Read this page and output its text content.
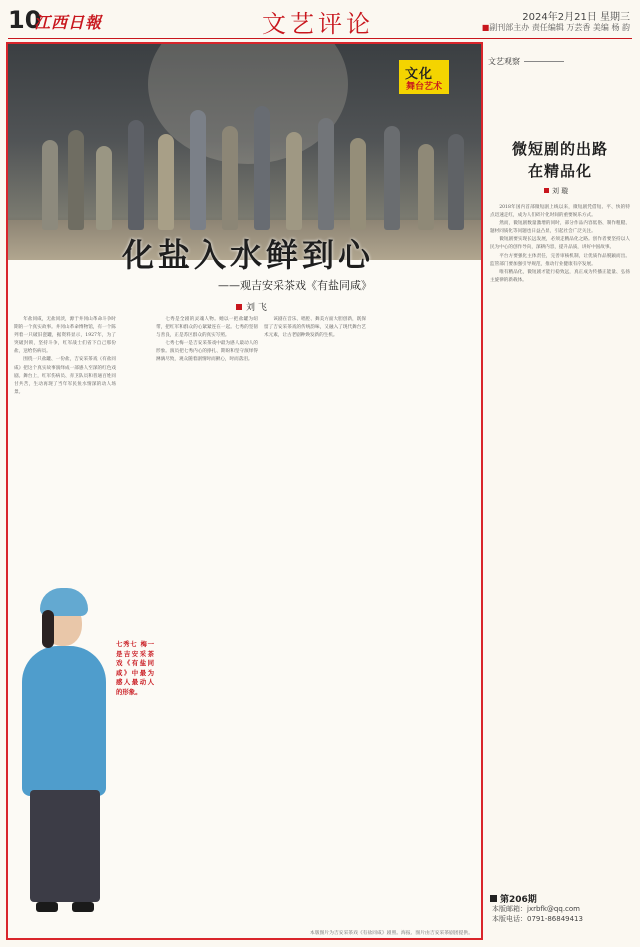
10
江西日報	文艺评论	2024年2月21日 星期三
■副刊部主办 责任编辑 万芸香 美编 杨 韵
文化
舞台艺术
化盐入水鲜到心
——观吉安采茶戏《有盐同咸》
刘 飞

年盐同咸，无盐同淡，源于井冈山革命斗争时期的一个真实故事。井冈山革命博物馆，有一个陈列着一只破旧瓷罐，据资料显示，1927年，为了突破封锁，坚持斗争，红军战士们省下自己那份盐，送给伤病员。

围绕一只盐罐、一份盐，吉安采茶戏《有盐同咸》把这个真实故事演绎成一部感人至深的红色戏剧。舞台上，红军伤病员、赤卫队员和普通百姓同甘共苦，生动再现了当年军民鱼水情深的动人场景。

七秀是全剧的灵魂人物。她以一把盐罐为纽带，把红军和群众的心紧紧连在一起。七秀的坚韧与善良，正是苏区群众的真实写照。

七秀七梅一是吉安采茶戏中最为感人最动人的形象。演员把七秀内心的挣扎、期盼和坚守演绎得淋漓尽致，观众随着剧情时而揪心，时而落泪。

该剧在音乐、唱腔、舞美方面大胆创新，既保留了吉安采茶戏的传统韵味，又融入了现代舞台艺术元素，让古老剧种焕发新的生机。

七秀七 梅一是吉安采茶戏《有盐同咸》中最为感人最动人的形象。
本版图片为吉安采茶戏《有盐同咸》剧照。海报、图片由吉安采茶剧团提供。
文艺观察
微短剧的出路
在精品化
刘 璇

2018年国内首部微短剧上线以来，微短剧凭借短、平、快的特点迅速走红，成为人们碎片化时间的重要娱乐方式。

然而，微短剧数量激增的同时，部分作品内容低俗、制作粗糙、题材同质化等问题也日益凸显，引起社会广泛关注。

微短剧要实现长远发展，必须走精品化之路。创作者要坚持以人民为中心的创作导向，深耕内容，提升品质，讲好中国故事。

平台方要强化主体责任，完善审核机制，让优质作品脱颖而出。监管部门要加强引导规范，推动行业健康有序发展。

唯有精品化，微短剧才能行稳致远，真正成为传播正能量、弘扬主旋律的新载体。

第206期
本版邮箱：jxrbfk@qq.com
本版电话：0791-86849413
